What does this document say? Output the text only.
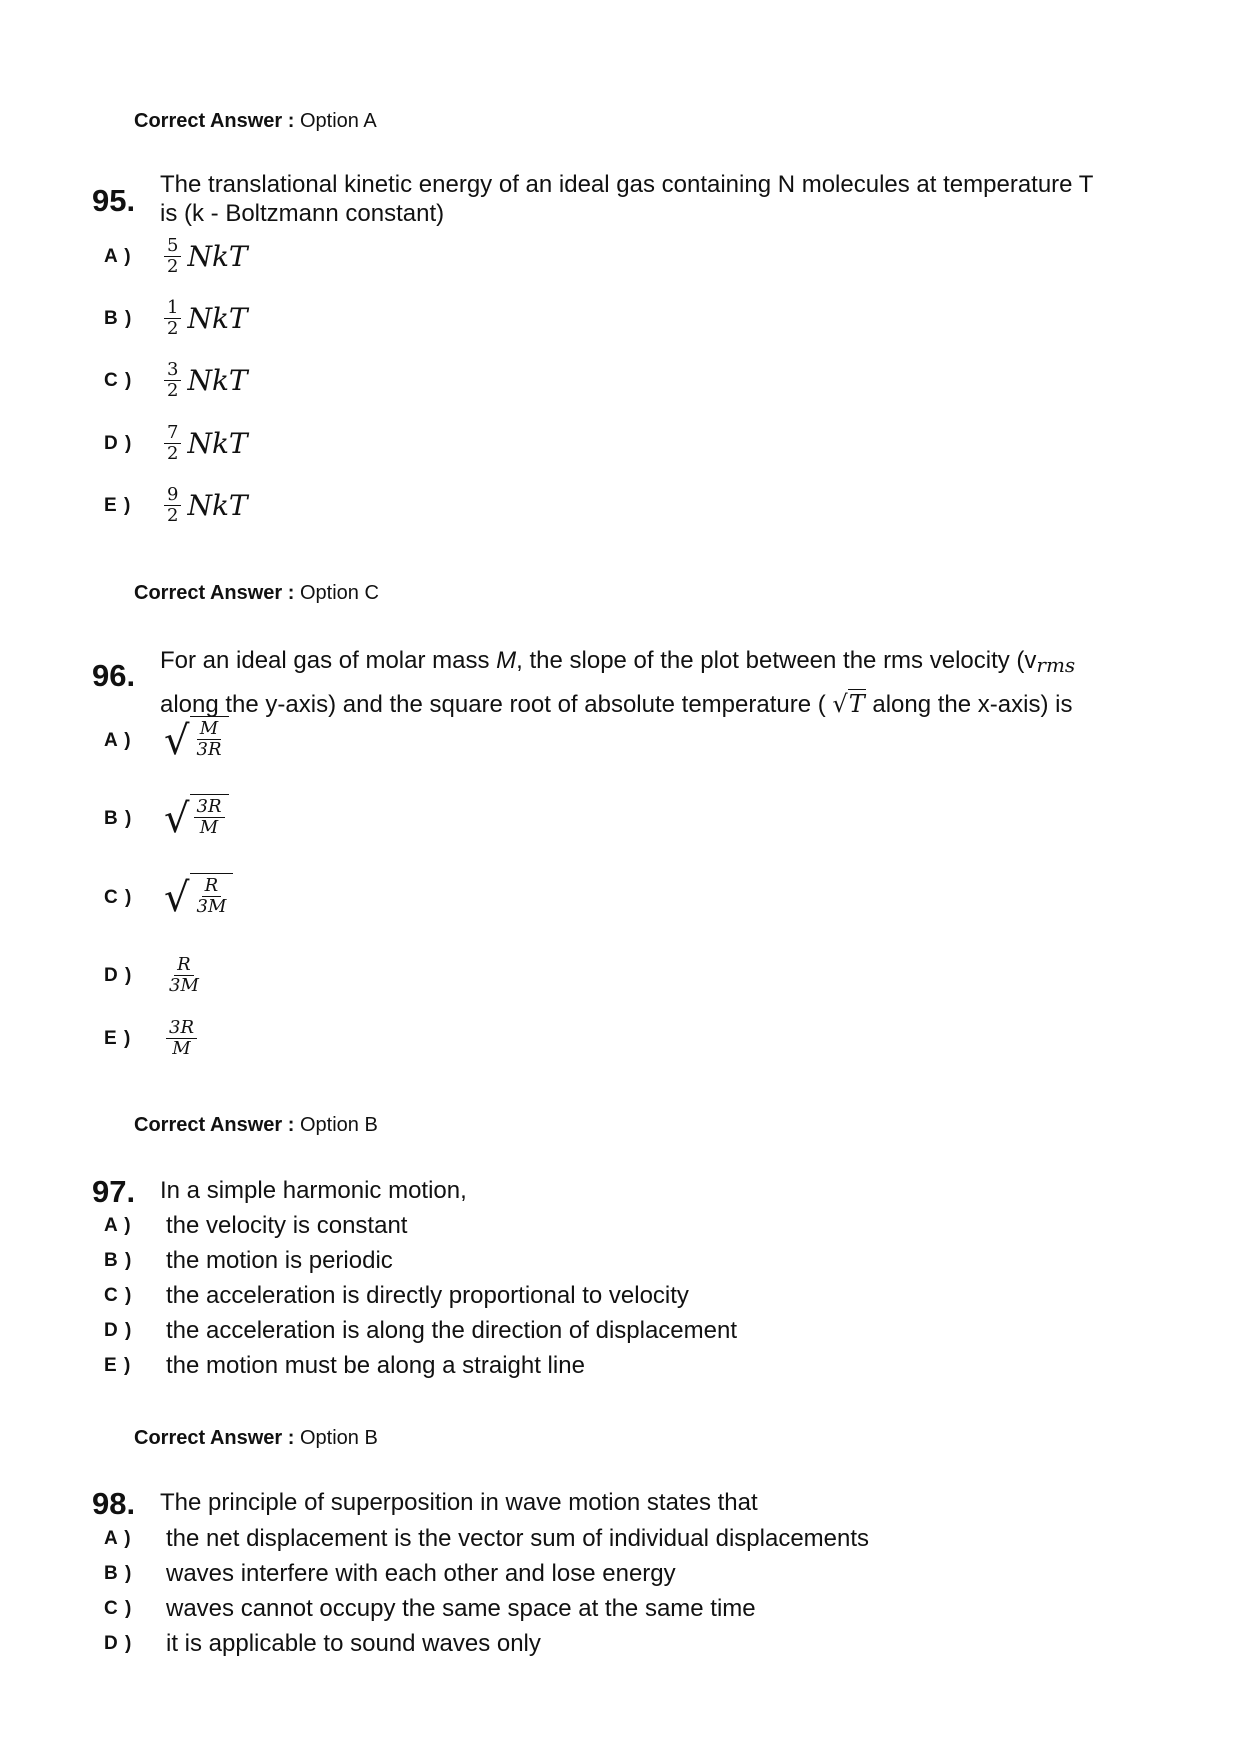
Correct Answer : Option A
95. The translational kinetic energy of an ideal gas containing N molecules at temperature T
is (k - Boltzmann constant)
A )	$\frac{5}{2}$ NkT
B )	$\frac{1}{2}$ NkT
C )	$\frac{3}{2}$ NkT
D )	$\frac{7}{2}$ NkT
E )	$\frac{9}{2}$ NkT
Correct Answer : Option C
96. For an ideal gas of molar mass M, the slope of the plot between the rms velocity ($v_{rms}$
along the y-axis) and the square root of absolute temperature ( √T along the x-axis) is
A ) √ $\frac{M}{3R}$
B ) √ $\frac{3R}{M}$
C ) √ $\frac{R}{3M}$
D )	$\frac{R}{3M}$
E )	$\frac{3R}{M}$
Correct Answer : Option B
97. In a simple harmonic motion,
A )	the velocity is constant
B )	the motion is periodic
C )	the acceleration is directly proportional to velocity
D )	the acceleration is along the direction of displacement
E )	the motion must be along a straight line
Correct Answer : Option B
98. The principle of superposition in wave motion states that
A )	the net displacement is the vector sum of individual displacements
B )	waves interfere with each other and lose energy
C )	waves cannot occupy the same space at the same time
D )	it is applicable to sound waves only
